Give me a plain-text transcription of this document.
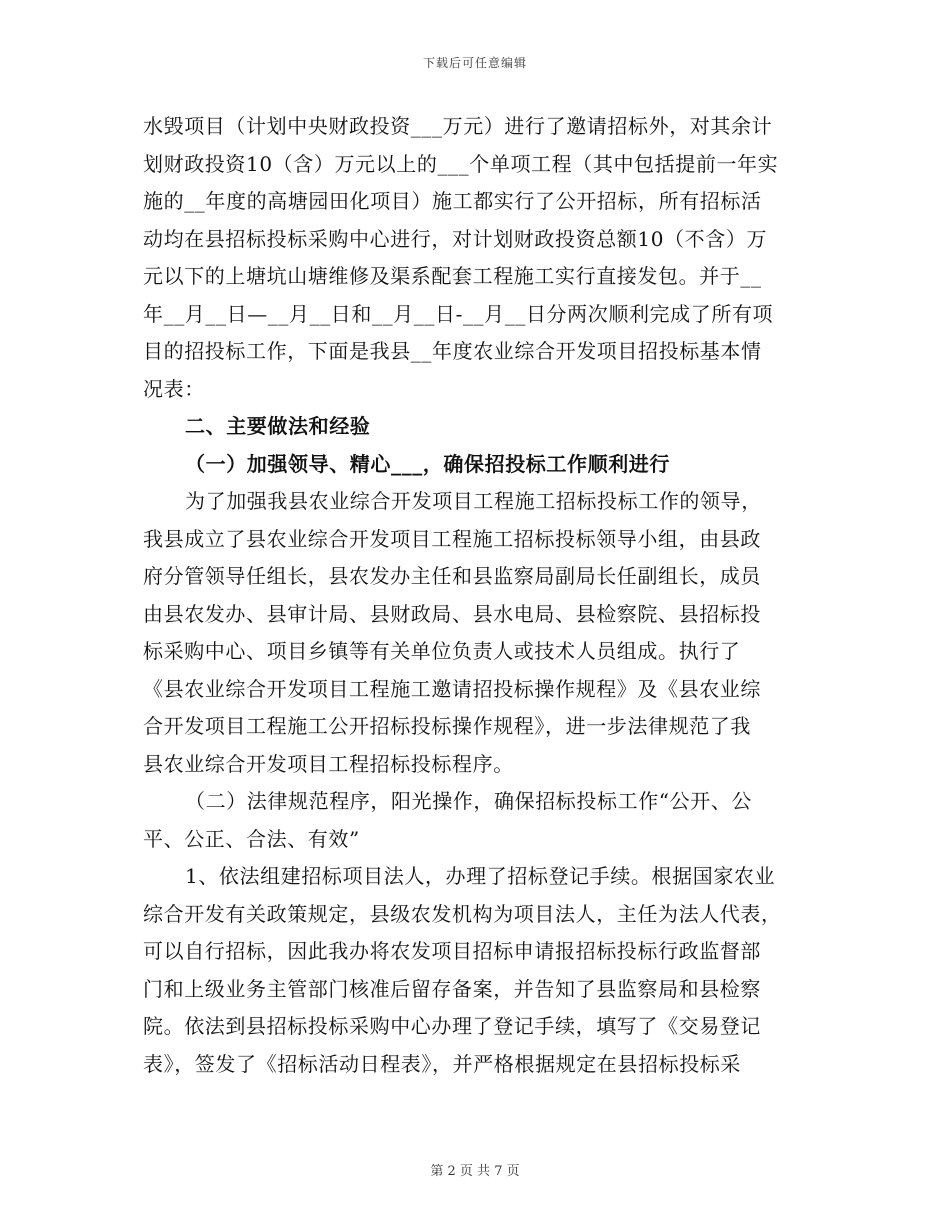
下载后可任意编辑
水毁项目（计划中央财政投资___万元）进行了邀请招标外，对其余计
划财政投资10（含）万元以上的___个单项工程（其中包括提前一年实
施的__年度的高塘园田化项目）施工都实行了公开招标，所有招标活
动均在县招标投标采购中心进行，对计划财政投资总额10（不含）万
元以下的上塘坑山塘维修及渠系配套工程施工实行直接发包。并于__
年__月__日—__月__日和__月__日-__月__日分两次顺利完成了所有项
目的招投标工作，下面是我县__年度农业综合开发项目招投标基本情
况表：
二、主要做法和经验
（一）加强领导、精心___，确保招投标工作顺利进行
为了加强我县农业综合开发项目工程施工招标投标工作的领导，
我县成立了县农业综合开发项目工程施工招标投标领导小组，由县政
府分管领导任组长，县农发办主任和县监察局副局长任副组长，成员
由县农发办、县审计局、县财政局、县水电局、县检察院、县招标投
标采购中心、项目乡镇等有关单位负责人或技术人员组成。执行了
《县农业综合开发项目工程施工邀请招投标操作规程》及《县农业综
合开发项目工程施工公开招标投标操作规程》，进一步法律规范了我
县农业综合开发项目工程招标投标程序。
（二）法律规范程序，阳光操作，确保招标投标工作“公开、公
平、公正、合法、有效”
1、依法组建招标项目法人，办理了招标登记手续。根据国家农业
综合开发有关政策规定，县级农发机构为项目法人，主任为法人代表，
可以自行招标，因此我办将农发项目招标申请报招标投标行政监督部
门和上级业务主管部门核准后留存备案，并告知了县监察局和县检察
院。依法到县招标投标采购中心办理了登记手续，填写了《交易登记
表》，签发了《招标活动日程表》，并严格根据规定在县招标投标采
第 2 页 共 7 页
